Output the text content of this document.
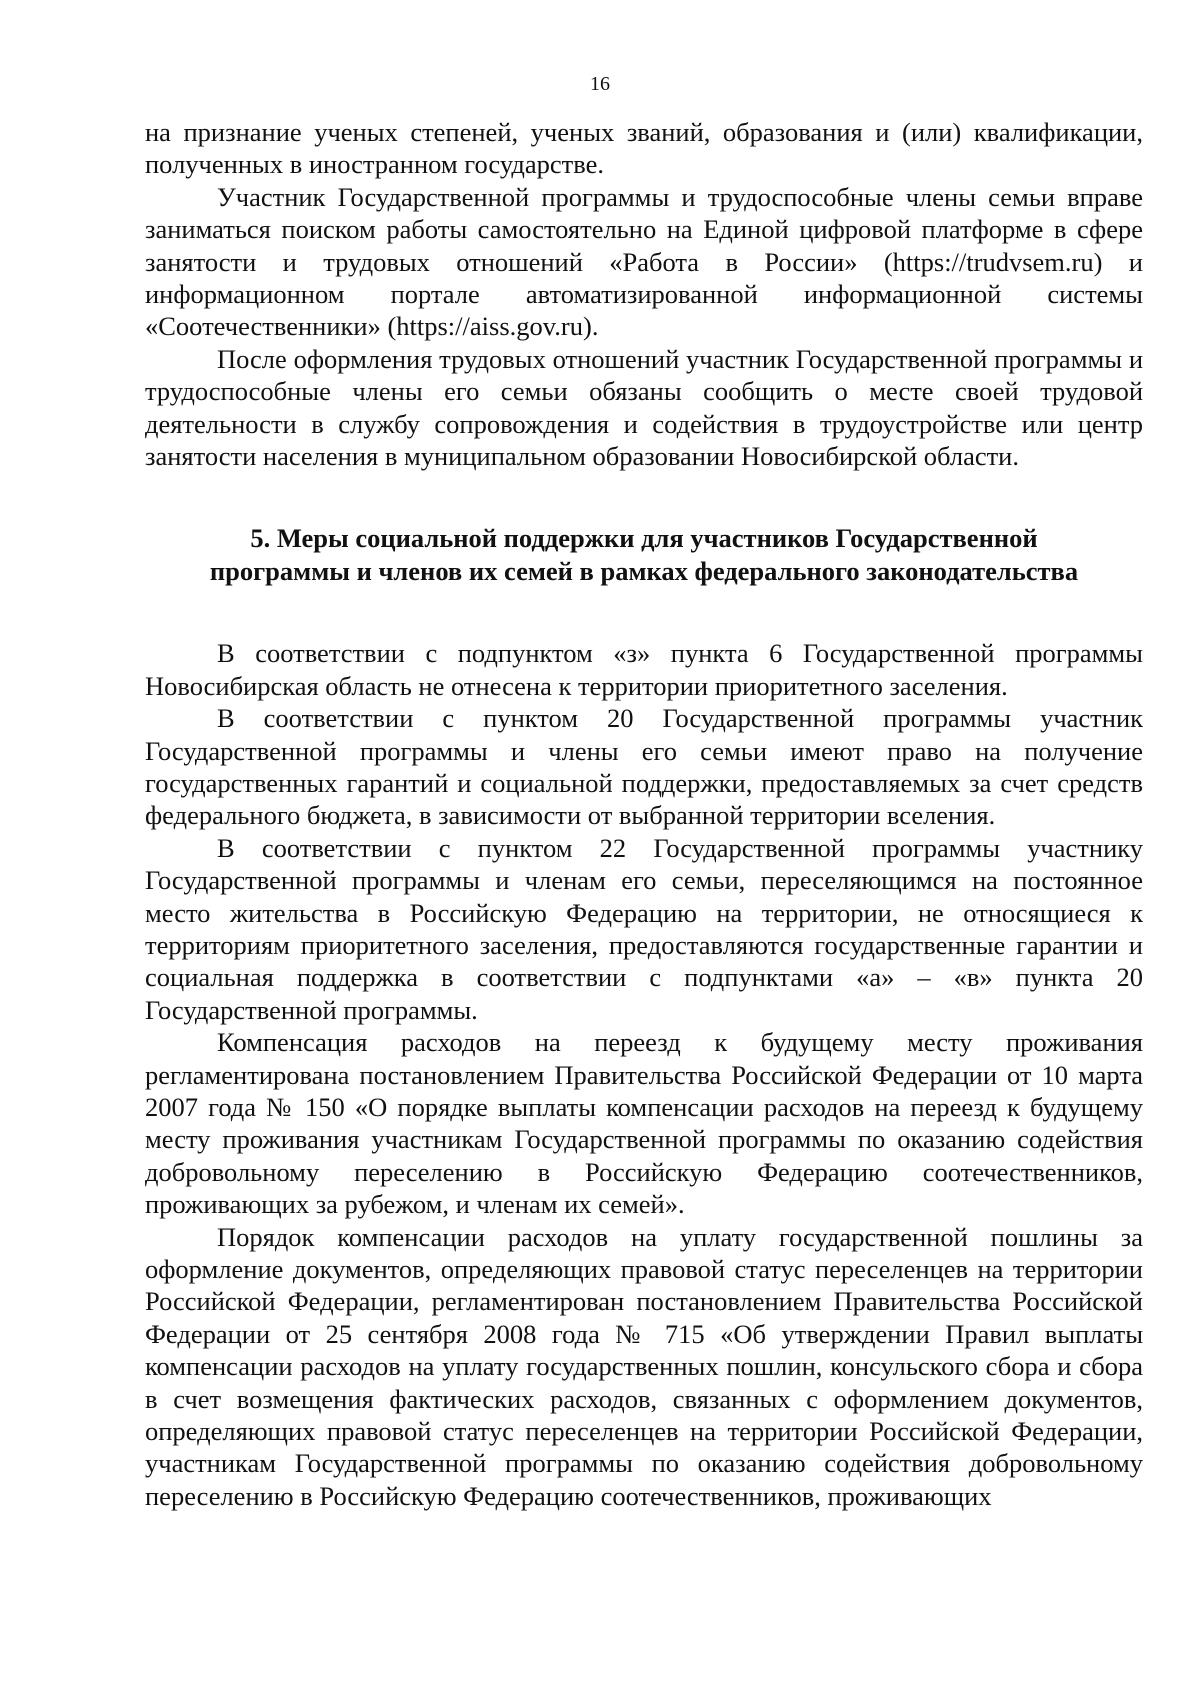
16

на признание ученых степеней, ученых званий, образования и (или) квалификации, полученных в иностранном государстве.

Участник Государственной программы и трудоспособные члены семьи вправе заниматься поиском работы самостоятельно на Единой цифровой платформе в сфере занятости и трудовых отношений «Работа в России» (https://trudvsem.ru) и информационном портале автоматизированной информационной системы «Соотечественники» (https://aiss.gov.ru).

После оформления трудовых отношений участник Государственной программы и трудоспособные члены его семьи обязаны сообщить о месте своей трудовой деятельности в службу сопровождения и содействия в трудоустройстве или центр занятости населения в муниципальном образовании Новосибирской области.

5. Меры социальной поддержки для участников Государственной
программы и членов их семей в рамках федерального законодательства

В соответствии с подпунктом «з» пункта 6 Государственной программы Новосибирская область не отнесена к территории приоритетного заселения.

В соответствии с пунктом 20 Государственной программы участник Государственной программы и члены его семьи имеют право на получение государственных гарантий и социальной поддержки, предоставляемых за счет средств федерального бюджета, в зависимости от выбранной территории вселения.

В соответствии с пунктом 22 Государственной программы участнику Государственной программы и членам его семьи, переселяющимся на постоянное место жительства в Российскую Федерацию на территории, не относящиеся к территориям приоритетного заселения, предоставляются государственные гарантии и социальная поддержка в соответствии с подпунктами «а» – «в» пункта 20 Государственной программы.

Компенсация расходов на переезд к будущему месту проживания регламентирована постановлением Правительства Российской Федерации от 10 марта 2007 года № 150 «О порядке выплаты компенсации расходов на переезд к будущему месту проживания участникам Государственной программы по оказанию содействия добровольному переселению в Российскую Федерацию соотечественников, проживающих за рубежом, и членам их семей».

Порядок компенсации расходов на уплату государственной пошлины за оформление документов, определяющих правовой статус переселенцев на территории Российской Федерации, регламентирован постановлением Правительства Российской Федерации от 25 сентября 2008 года № 715 «Об утверждении Правил выплаты компенсации расходов на уплату государственных пошлин, консульского сбора и сбора в счет возмещения фактических расходов, связанных с оформлением документов, определяющих правовой статус переселенцев на территории Российской Федерации, участникам Государственной программы по оказанию содействия добровольному переселению в Российскую Федерацию соотечественников, проживающих
